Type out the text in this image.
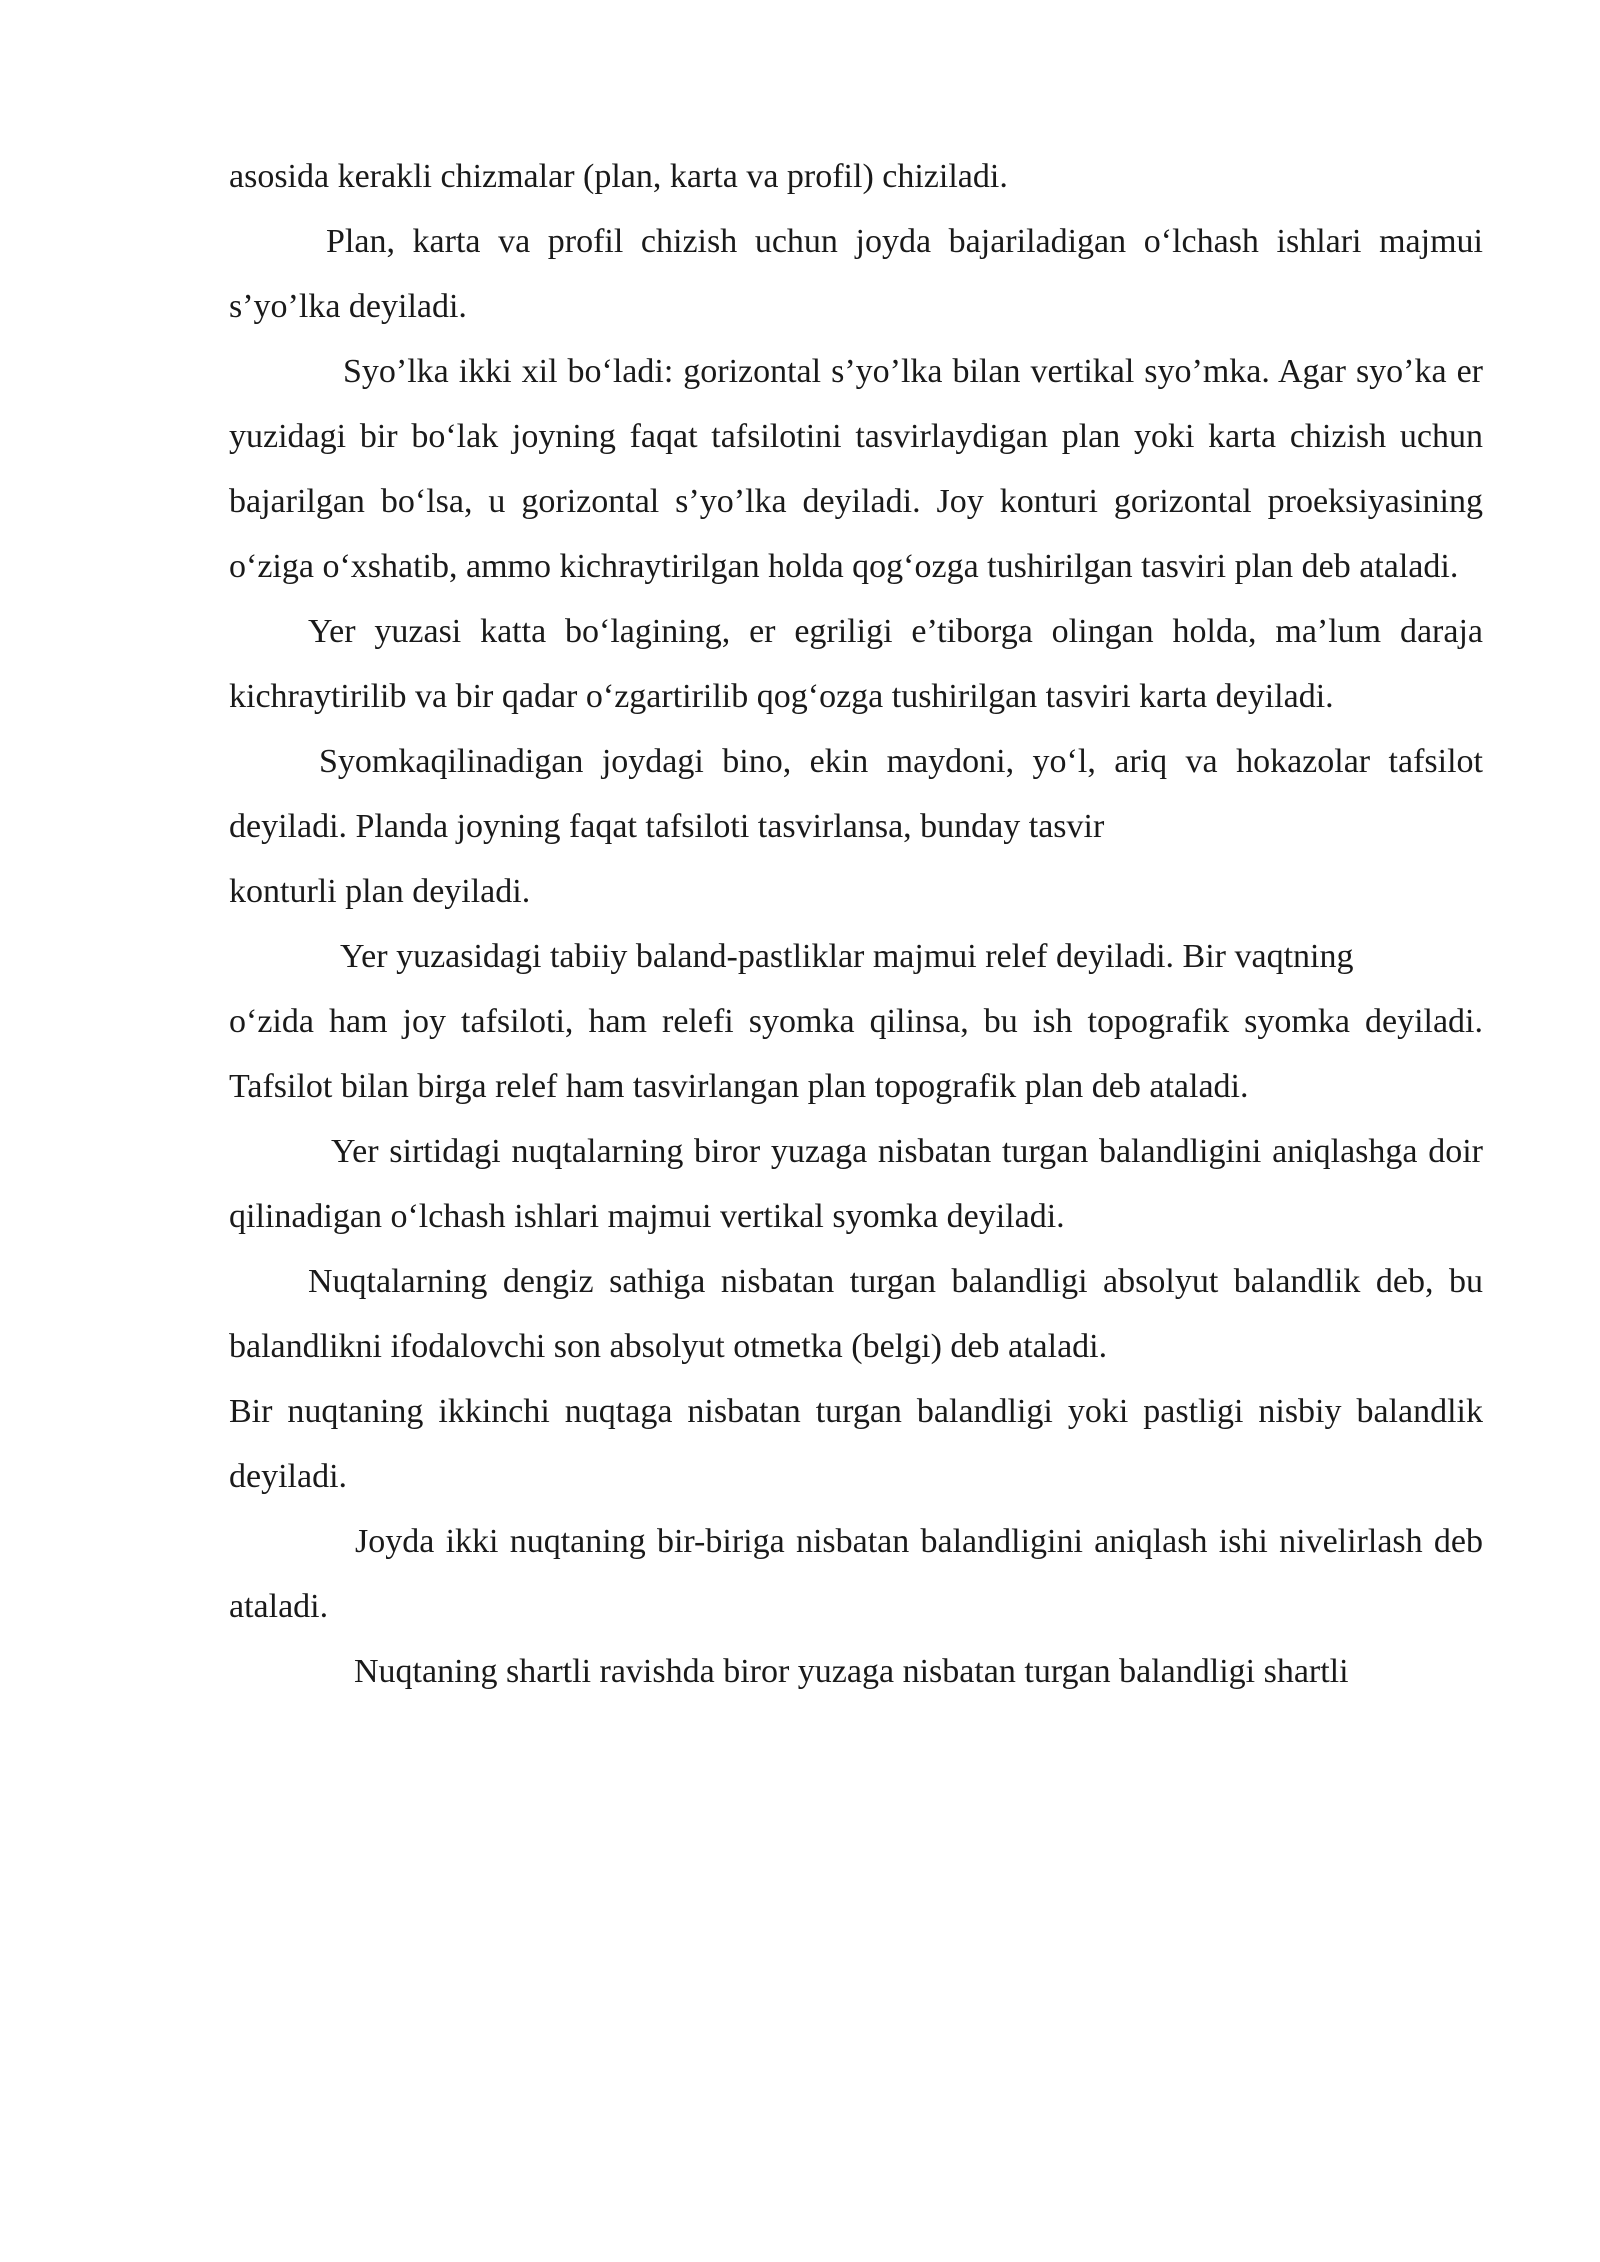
asosida kerakli chizmalar (plan, karta va profil) chiziladi.

Plan, karta va profil chizish uchun joyda bajariladigan o‘lchash ishlari majmui s’yo’lka deyiladi.

Syo’lka ikki xil bo‘ladi: gorizontal s’yo’lka bilan vertikal syo’mka. Agar syo’ka er yuzidagi bir bo‘lak joyning faqat tafsilotini tasvirlaydigan plan yoki karta chizish uchun bajarilgan bo‘lsa, u gorizontal s’yo’lka deyiladi. Joy konturi gorizontal proeksiyasining o‘ziga o‘xshatib, ammo kichraytirilgan holda qog‘ozga tushirilgan tasviri plan deb ataladi.

Yer yuzasi katta bo‘lagining, er egriligi e’tiborga olingan holda, ma’lum daraja kichraytirilib va bir qadar o‘zgartirilib qog‘ozga tushirilgan tasviri karta deyiladi.

Syomkaqilinadigan joydagi bino, ekin maydoni, yo‘l, ariq va hokazolar tafsilot deyiladi. Planda joyning faqat tafsiloti tasvirlansa, bunday tasvir

konturli plan deyiladi.

Yer yuzasidagi tabiiy baland-pastliklar majmui relef deyiladi. Bir vaqtning

o‘zida ham joy tafsiloti, ham relefi syomka qilinsa, bu ish topografik syomka deyiladi. Tafsilot bilan birga relef ham tasvirlangan plan topografik plan deb ataladi.

Yer sirtidagi nuqtalarning biror yuzaga nisbatan turgan balandligini aniqlashga doir qilinadigan o‘lchash ishlari majmui vertikal syomka deyiladi.

Nuqtalarning dengiz sathiga nisbatan turgan balandligi absolyut balandlik deb, bu balandlikni ifodalovchi son absolyut otmetka (belgi) deb ataladi.

Bir nuqtaning ikkinchi nuqtaga nisbatan turgan balandligi yoki pastligi nisbiy balandlik deyiladi.

Joyda ikki nuqtaning bir-biriga nisbatan balandligini aniqlash ishi nivelirlash deb ataladi.

Nuqtaning shartli ravishda biror yuzaga nisbatan turgan balandligi shartli
